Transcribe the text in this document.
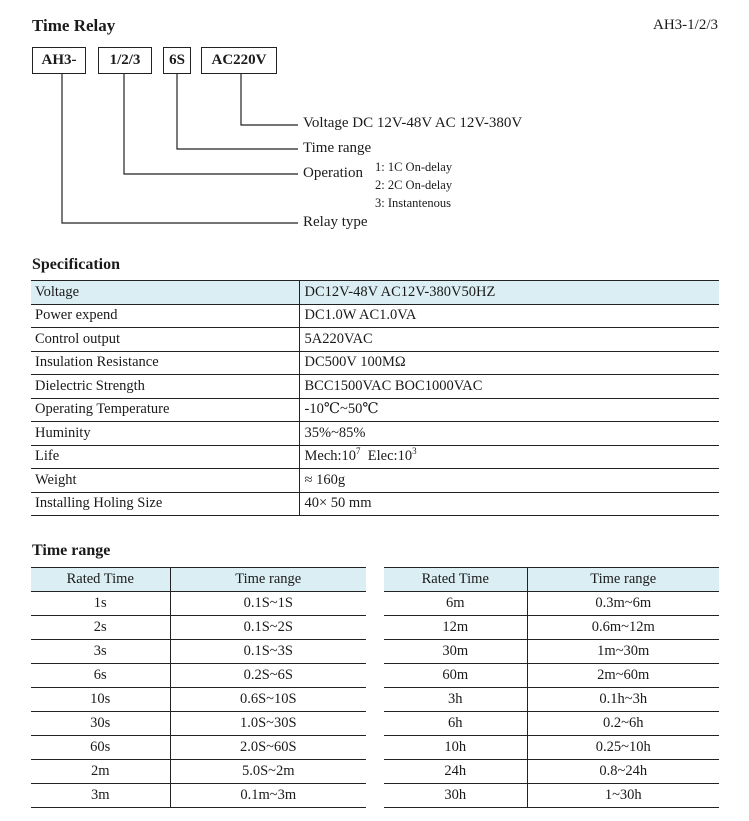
Time Relay	AH3-1/2/3
AH3-	1/2/3	6S	AC220V
Voltage DC 12V-48V AC 12V-380V
Time range
Operation 1: 1C On-delay
2: 2C On-delay
3: Instantenous
Relay type
Specification
Voltage	DC12V-48V AC12V-380V50HZ
Power expend	DC1.0W AC1.0VA
Control output	5A220VAC
Insulation Resistance	DC500V 100MΩ
Dielectric Strength	BCC1500VAC BOC1000VAC
Operating Temperature	-10℃~50℃
Huminity	35%~85%
Life	$Mech:10^7$ $Elec:10^3$
Weight	≈ 160g
Installing Holing Size	40× 50 mm
Time range
Rated Time	Time range
1s	0.1S~1S
2s	0.1S~2S
3s	0.1S~3S
6s	0.2S~6S
10s	0.6S~10S
30s	1.0S~30S
60s	2.0S~60S
2m	5.0S~2m
3m	0.1m~3m
Rated Time	Time range
6m	0.3m~6m
12m	0.6m~12m
30m	1m~30m
60m	2m~60m
3h	0.1h~3h
6h	0.2~6h
10h	0.25~10h
24h	0.8~24h
30h	1~30h
